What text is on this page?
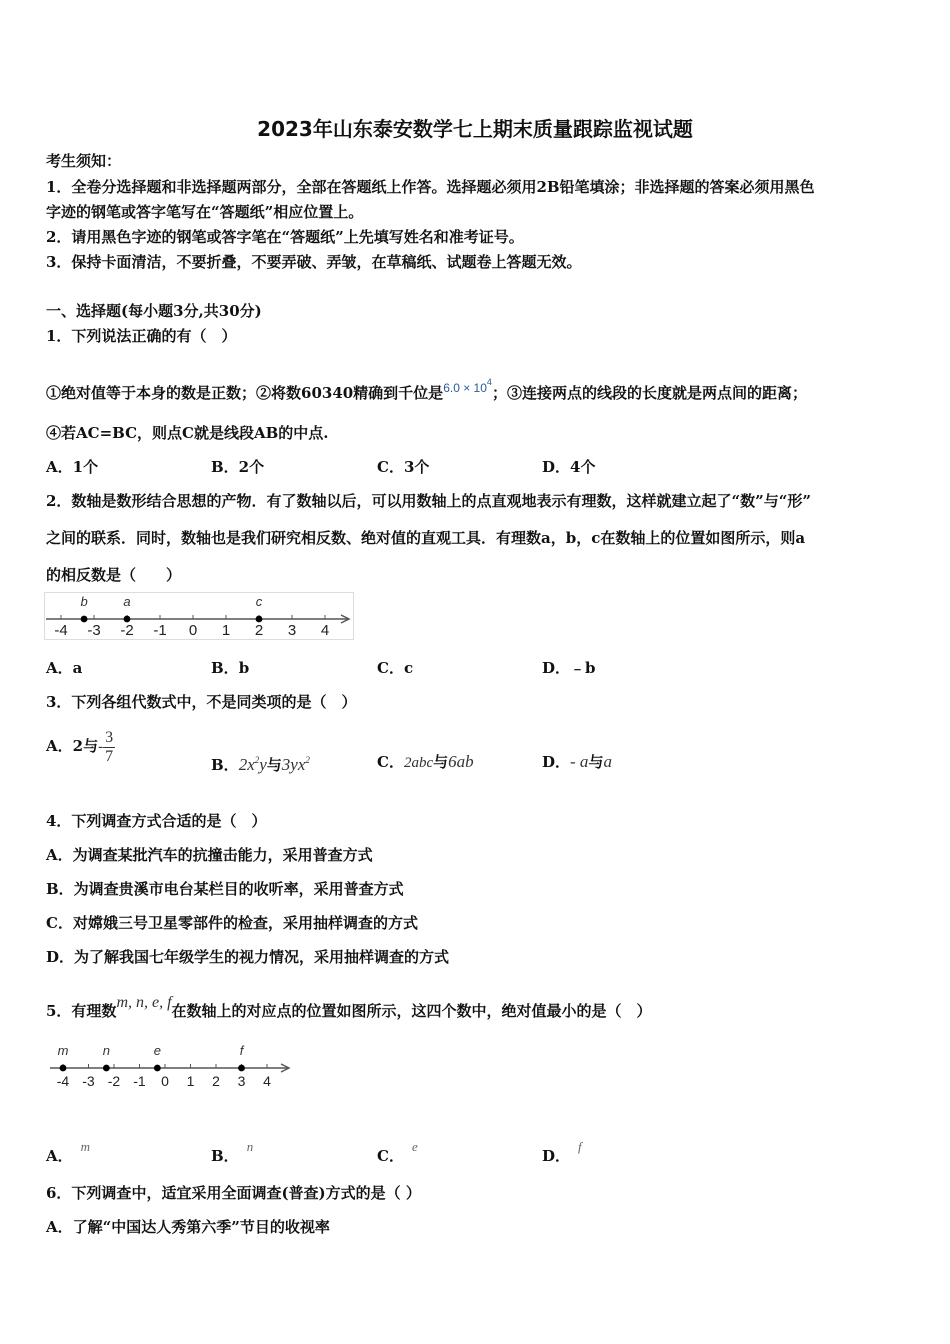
2023年山东泰安数学七上期末质量跟踪监视试题
考生须知：
1．全卷分选择题和非选择题两部分，全部在答题纸上作答。选择题必须用2B铅笔填涂；非选择题的答案必须用黑色
字迹的钢笔或答字笔写在“答题纸”相应位置上。
2．请用黑色字迹的钢笔或答字笔在“答题纸”上先填写姓名和准考证号。
3．保持卡面清洁，不要折叠，不要弄破、弄皱，在草稿纸、试题卷上答题无效。
一、选择题(每小题3分,共30分)
1．下列说法正确的有（　）
①绝对值等于本身的数是正数；②将数60340精确到千位是$^{6.0 \times 10^4}$；③连接两点的线段的长度就是两点间的距离；
④若AC=BC，则点C就是线段AB的中点.
A．1个	B．2个	C．3个	D．4个
2．数轴是数形结合思想的产物．有了数轴以后，可以用数轴上的点直观地表示有理数，这样就建立起了“数”与“形”
之间的联系．同时，数轴也是我们研究相反数、绝对值的直观工具．有理数a，b，c在数轴上的位置如图所示，则a
的相反数是（　　）
-4 -3 -2 -1 0 1 2 3 4
b	a	c
A．a	B．b	C．c	D．﹣b
3．下列各组代数式中，不是同类项的是（　）
A．2与- $\frac{3}{7}$	B．$2x^2y$与$3yx^2$	C．2abc与6ab	D．- a与a
4．下列调查方式合适的是（　）
A．为调查某批汽车的抗撞击能力，采用普查方式
B．为调查贵溪市电台某栏目的收听率，采用普查方式
C．对嫦娥三号卫星零部件的检查，采用抽样调查的方式
D．为了解我国七年级学生的视力情况，采用抽样调查的方式
5．有理数m, n, e, f在数轴上的对应点的位置如图所示，这四个数中，绝对值最小的是（　）
-4 -3 -2 -1 0 1 2 3 4
m	n	e	f
A．m
B．n
C．e
D．f
6．下列调查中，适宜采用全面调查(普查)方式的是（ ）
A．了解“中国达人秀第六季”节目的收视率
